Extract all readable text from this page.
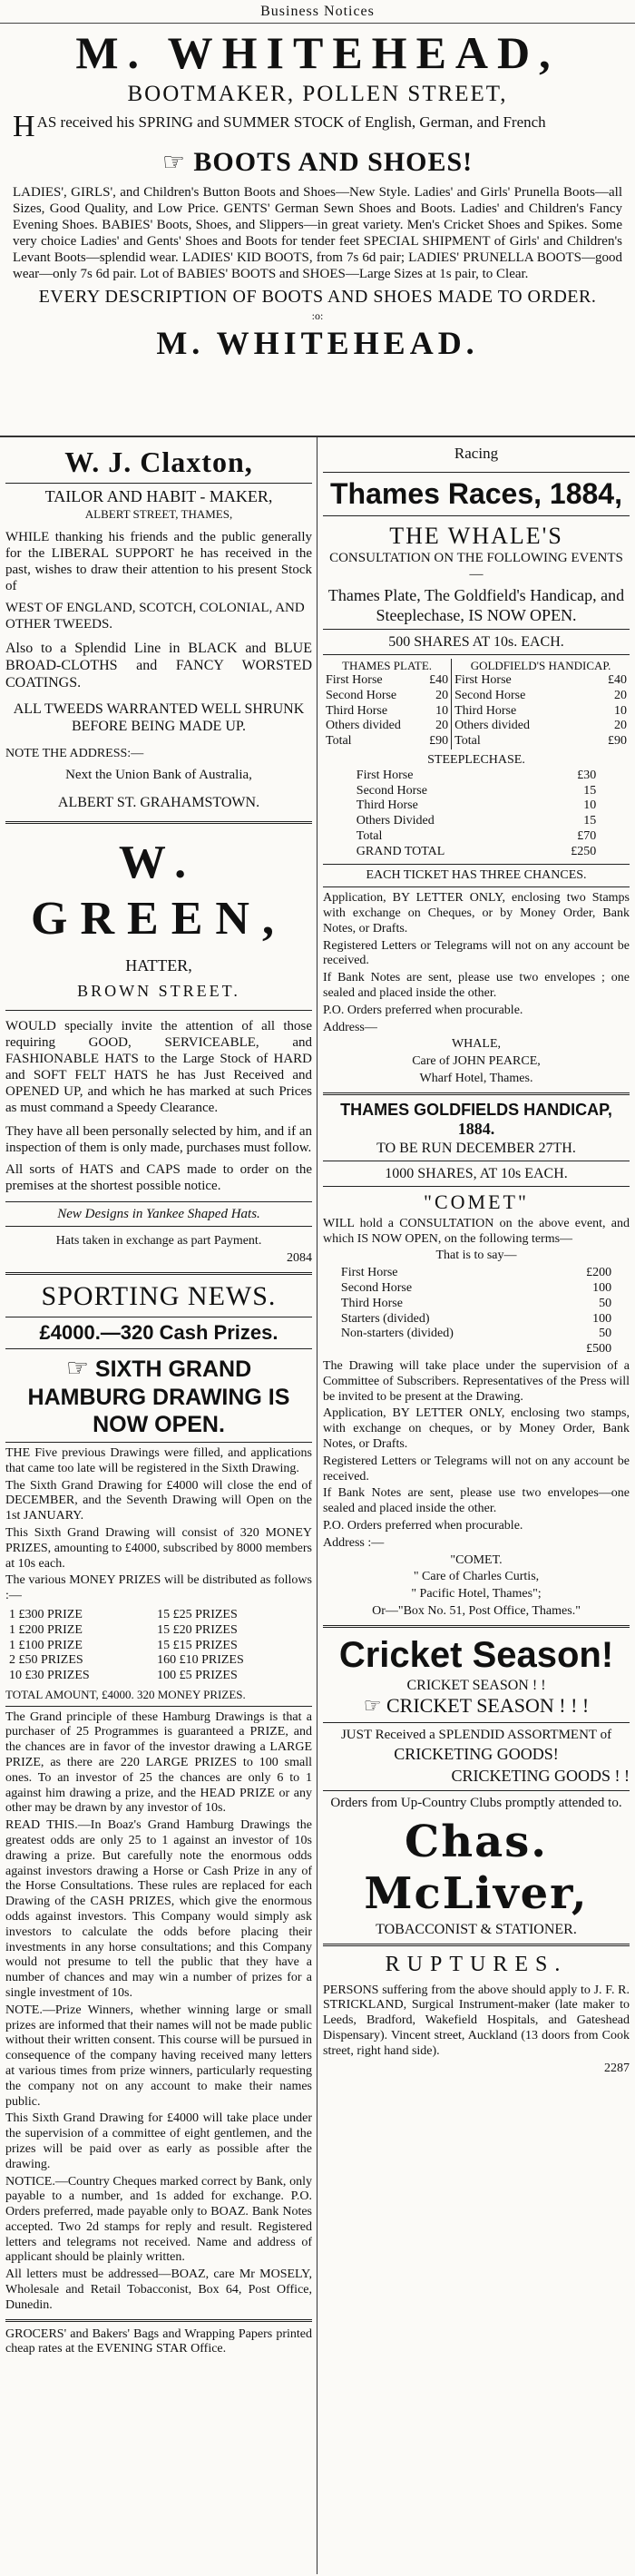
Business Notices
M. WHITEHEAD,
BOOTMAKER, POLLEN STREET,
H AS received his SPRING and SUMMER STOCK of English, German, and French
☞ BOOTS AND SHOES!
LADIES', GIRLS', and Children's Button Boots and Shoes—New Style. Ladies' and Girls' Prunella Boots—all Sizes, Good Quality, and Low Price. GENTS' German Sewn Shoes and Boots. Ladies' and Children's Fancy Evening Shoes. BABIES' Boots, Shoes, and Slippers—in great variety. Men's Cricket Shoes and Spikes. Some very choice Ladies' and Gents' Shoes and Boots for tender feet SPECIAL SHIPMENT of Girls' and Children's Levant Boots—splendid wear. LADIES' KID BOOTS, from 7s 6d pair; LADIES' PRUNELLA BOOTS—good wear—only 7s 6d pair. Lot of BABIES' BOOTS and SHOES—Large Sizes at 1s pair, to Clear.
EVERY DESCRIPTION OF BOOTS AND SHOES MADE TO ORDER.
:o:
M. WHITEHEAD.
W. J. Claxton,
TAILOR AND HABIT - MAKER,
ALBERT STREET, THAMES,

WHILE thanking his friends and the public generally for the LIBERAL SUPPORT he has received in the past, wishes to draw their attention to his present Stock of

WEST OF ENGLAND, SCOTCH, COLONIAL, AND OTHER TWEEDS.

Also to a Splendid Line in BLACK and BLUE BROAD-CLOTHS and FANCY WORSTED COATINGS.

ALL TWEEDS WARRANTED WELL SHRUNK BEFORE BEING MADE UP.

NOTE THE ADDRESS:—

Next the Union Bank of Australia,

ALBERT ST. GRAHAMSTOWN.

W. GREEN,
HATTER,
BROWN STREET.

WOULD specially invite the attention of all those requiring GOOD, SERVICEABLE, and FASHIONABLE HATS to the Large Stock of HARD and SOFT FELT HATS he has Just Received and OPENED UP, and which he has marked at such Prices as must command a Speedy Clearance.

They have all been personally selected by him, and if an inspection of them is only made, purchases must follow.

All sorts of HATS and CAPS made to order on the premises at the shortest possible notice.

New Designs in Yankee Shaped Hats.

Hats taken in exchange as part Payment.

2084

SPORTING NEWS.
£4000.—320 Cash Prizes.
☞ SIXTH GRAND HAMBURG DRAWING IS NOW OPEN.

THE Five previous Drawings were filled, and applications that came too late will be registered in the Sixth Drawing.

The Sixth Grand Drawing for £4000 will close the end of DECEMBER, and the Seventh Drawing will Open on the 1st JANUARY.

This Sixth Grand Drawing will consist of 320 MONEY PRIZES, amounting to £4000, subscribed by 8000 members at 10s each.

The various MONEY PRIZES will be distributed as follows :—

1 £300 PRIZE	15 £25 PRIZES
1 £200 PRIZE	15 £20 PRIZES
1 £100 PRIZE	15 £15 PRIZES
2 £50 PRIZES	160 £10 PRIZES
10 £30 PRIZES	100 £5 PRIZES

TOTAL AMOUNT, £4000. 320 MONEY PRIZES.

The Grand principle of these Hamburg Drawings is that a purchaser of 25 Programmes is guaranteed a PRIZE, and the chances are in favor of the investor drawing a LARGE PRIZE, as there are 220 LARGE PRIZES to 100 small ones. To an investor of 25 the chances are only 6 to 1 against him drawing a prize, and the HEAD PRIZE or any other may be drawn by any investor of 10s.

READ THIS.—In Boaz's Grand Hamburg Drawings the greatest odds are only 25 to 1 against an investor of 10s drawing a prize. But carefully note the enormous odds against investors drawing a Horse or Cash Prize in any of the Horse Consultations. These rules are replaced for each Drawing of the CASH PRIZES, which give the enormous odds against investors. This Company would simply ask investors to calculate the odds before placing their investments in any horse consultations; and this Company would not presume to tell the public that they have a number of chances and may win a number of prizes for a single investment of 10s.

NOTE.—Prize Winners, whether winning large or small prizes are informed that their names will not be made public without their written consent. This course will be pursued in consequence of the company having received many letters at various times from prize winners, particularly requesting the company not on any account to make their names public.

This Sixth Grand Drawing for £4000 will take place under the supervision of a committee of eight gentlemen, and the prizes will be paid over as early as possible after the drawing.

NOTICE.—Country Cheques marked correct by Bank, only payable to a number, and 1s added for exchange. P.O. Orders preferred, made payable only to BOAZ. Bank Notes accepted. Two 2d stamps for reply and result. Registered letters and telegrams not received. Name and address of applicant should be plainly written.

All letters must be addressed—BOAZ, care Mr MOSELY, Wholesale and Retail Tobacconist, Box 64, Post Office, Dunedin.

GROCERS' and Bakers' Bags and Wrapping Papers printed cheap rates at the EVENING STAR Office.

Racing
Thames Races, 1884,
THE WHALE'S
CONSULTATION ON THE FOLLOWING EVENTS—
Thames Plate, The Goldfield's Handicap, and Steeplechase, IS NOW OPEN.
500 SHARES AT 10s. EACH.
THAMES PLATE.		GOLDFIELD'S HANDICAP.	
First Horse	£40	First Horse	£40
Second Horse	20	Second Horse	20
Third Horse	10	Third Horse	10
Others divided	20	Others divided	20
Total	£90	Total	£90
STEEPLECHASE.
First Horse	£30
Second Horse	15
Third Horse	10
Others Divided	15
Total	£70
GRAND TOTAL	£250
EACH TICKET HAS THREE CHANCES.

Application, BY LETTER ONLY, enclosing two Stamps with exchange on Cheques, or by Money Order, Bank Notes, or Drafts.

Registered Letters or Telegrams will not on any account be received.

If Bank Notes are sent, please use two envelopes ; one sealed and placed inside the other.

P.O. Orders preferred when procurable.

Address—

WHALE,

Care of JOHN PEARCE,

Wharf Hotel, Thames.

THAMES GOLDFIELDS HANDICAP,
1884.
TO BE RUN DECEMBER 27TH.
1000 SHARES, AT 10s EACH.
"COMET"

WILL hold a CONSULTATION on the above event, and which IS NOW OPEN, on the following terms—

That is to say—

First Horse	£200
Second Horse	100
Third Horse	50
Starters (divided)	100
Non-starters (divided)	50
	£500

The Drawing will take place under the supervision of a Committee of Subscribers. Representatives of the Press will be invited to be present at the Drawing.

Application, BY LETTER ONLY, enclosing two stamps, with exchange on cheques, or by Money Order, Bank Notes, or Drafts.

Registered Letters or Telegrams will not on any account be received.

If Bank Notes are sent, please use two envelopes—one sealed and placed inside the other.

P.O. Orders preferred when procurable.

Address :—

"COMET.

" Care of Charles Curtis,

" Pacific Hotel, Thames";

Or—"Box No. 51, Post Office, Thames."

Cricket Season!
CRICKET SEASON ! !
☞ CRICKET SEASON ! ! !

JUST Received a SPLENDID ASSORTMENT of

CRICKETING GOODS!

CRICKETING GOODS ! !

Orders from Up-Country Clubs promptly attended to.

Chas. McLiver,
TOBACCONIST & STATIONER.
RUPTURES.

PERSONS suffering from the above should apply to J. F. R. STRICKLAND, Surgical Instrument-maker (late maker to Leeds, Bradford, Wakefield Hospitals, and Gateshead Dispensary). Vincent street, Auckland (13 doors from Cook street, right hand side).

2287
